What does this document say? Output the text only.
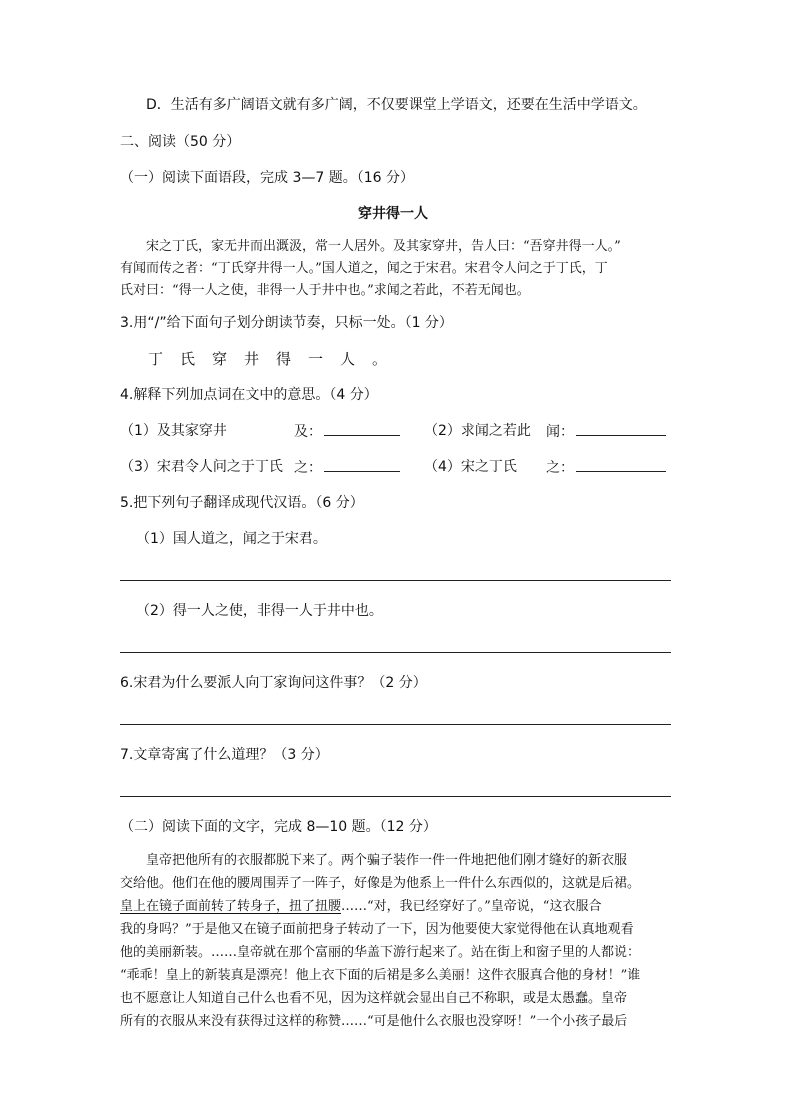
D．生活有多广阔语文就有多广阔，不仅要课堂上学语文，还要在生活中学语文。
二、阅读（50 分）
（一）阅读下面语段，完成 3—7 题。（16 分）
穿井得一人
宋之丁氏，家无井而出溉汲，常一人居外。及其家穿井，告人曰：“吾穿井得一人。”
有闻而传之者：“丁氏穿井得一人。”国人道之，闻之于宋君。宋君令人问之于丁氏，丁
氏对曰：“得一人之使，非得一人于井中也。”求闻之若此，不若无闻也。
3.用“/”给下面句子划分朗读节奏，只标一处。（1 分）
丁氏穿井得一人。
4.解释下列加点词在文中的意思。（4 分）
（1）及其家穿井	及：	（2）求闻之若此 闻：
（3）宋君令人问之于丁氏 之：	（4）宋之丁氏 之：
5.把下列句子翻译成现代汉语。（6 分）
（1）国人道之，闻之于宋君。
（2）得一人之使，非得一人于井中也。
6.宋君为什么要派人向丁家询问这件事？（2 分）
7.文章寄寓了什么道理？（3 分）
（二）阅读下面的文字，完成 8—10 题。（12 分）
皇帝把他所有的衣服都脱下来了。两个骗子装作一件一件地把他们刚才缝好的新衣服
交给他。他们在他的腰周围弄了一阵子，好像是为他系上一件什么东西似的，这就是后裙。
皇上在镜子面前转了转身子，扭了扭腰……“对，我已经穿好了。”皇帝说，“这衣服合
我的身吗？”于是他又在镜子面前把身子转动了一下，因为他要使大家觉得他在认真地观看
他的美丽新装。……皇帝就在那个富丽的华盖下游行起来了。站在街上和窗子里的人都说：
“乖乖！皇上的新装真是漂亮！他上衣下面的后裙是多么美丽！这件衣服真合他的身材！”谁
也不愿意让人知道自己什么也看不见，因为这样就会显出自己不称职，或是太愚蠢。皇帝
所有的衣服从来没有获得过这样的称赞……“可是他什么衣服也没穿呀！”一个小孩子最后
